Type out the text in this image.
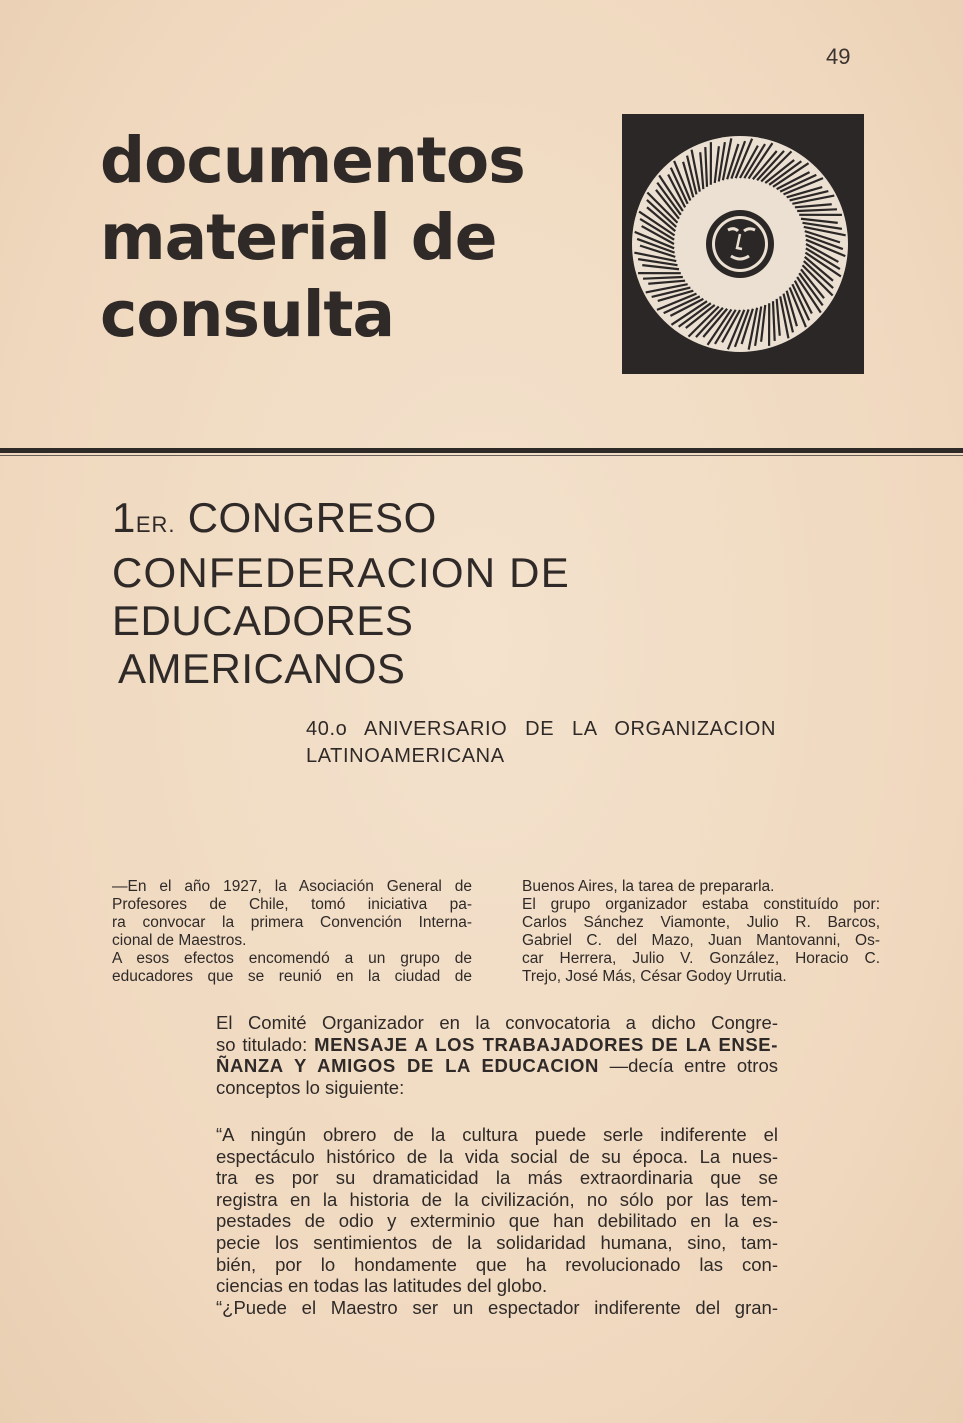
49
documentos
material de
consulta
1ER. CONGRESO
CONFEDERACION DE
EDUCADORES
AMERICANOS
40.o ANIVERSARIO DE LA ORGANIZACION
LATINOAMERICANA
—En el año 1927, la Asociación General de
Profesores de Chile, tomó iniciativa pa-
ra convocar la primera Convención Interna-
cional de Maestros.
A esos efectos encomendó a un grupo de
educadores que se reunió en la ciudad de
Buenos Aires, la tarea de prepararla.
El grupo organizador estaba constituído por:
Carlos Sánchez Viamonte, Julio R. Barcos,
Gabriel C. del Mazo, Juan Mantovanni, Os-
car Herrera, Julio V. González, Horacio C.
Trejo, José Más, César Godoy Urrutia.
El Comité Organizador en la convocatoria a dicho Congre-
so titulado: MENSAJE A LOS TRABAJADORES DE LA ENSE-
ÑANZA Y AMIGOS DE LA EDUCACION —decía entre otros
conceptos lo siguiente:
“A ningún obrero de la cultura puede serle indiferente el
espectáculo histórico de la vida social de su época. La nues-
tra es por su dramaticidad la más extraordinaria que se
registra en la historia de la civilización, no sólo por las tem-
pestades de odio y exterminio que han debilitado en la es-
pecie los sentimientos de la solidaridad humana, sino, tam-
bién, por lo hondamente que ha revolucionado las con-
ciencias en todas las latitudes del globo.
“¿Puede el Maestro ser un espectador indiferente del gran-
